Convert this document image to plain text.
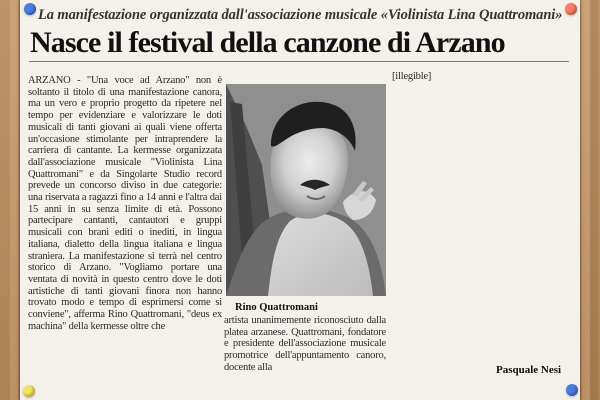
La manifestazione organizzata dall'associazione musicale «Violinista Lina Quattromani»
Nasce il festival della canzone di Arzano
ARZANO - "Una voce ad Arzano" non è soltanto il titolo di una manifestazione canora, ma un vero e proprio progetto da ripetere nel tempo per evidenziare e valorizzare le doti musicali di tanti giovani ai quali viene offerta un'occasione stimolante per intraprendere la carriera di cantante. La kermesse organizzata dall'associazione musicale "Violinista Lina Quattromani" e da Singolarte Studio record prevede un concorso diviso in due categorie: una riservata a ragazzi fino a 14 anni e l'altra dai 15 anni in su senza limite di età. Possono partecipare cantanti, cantautori e gruppi musicali con brani editi o inediti, in lingua italiana, dialetto della lingua italiana e lingua straniera. La manifestazione si terrà nel centro storico di Arzano. "Vogliamo portare una ventata di novità in questo centro dove le doti artistiche di tanti giovani finora non hanno trovato modo e tempo di esprimersi come si conviene", afferma Rino Quattromani, "deus ex machina" della kermesse oltre che
Rino Quattromani
artista unanimemente riconosciuto dalla platea arzanese. Quattromani, fondatore e presidente dell'associazione musicale promotrice dell'appuntamento canoro, docente alla
[illegible]
Pasquale Nesi
